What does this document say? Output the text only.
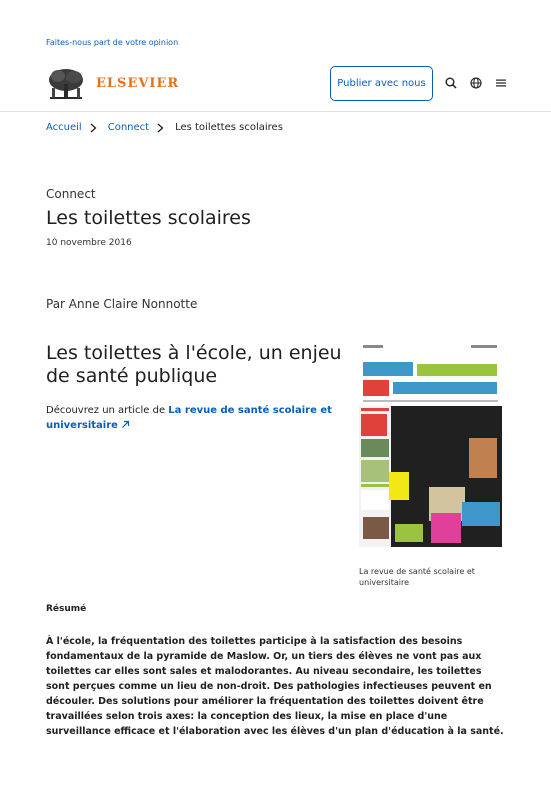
Faites-nous part de votre opinion
ELSEVIER	Publier avec nous
Accueil	Connect	Les toilettes scolaires
Connect
Les toilettes scolaires
10 novembre 2016
Par Anne Claire Nonnotte
Les toilettes à l'école, un enjeu de santé publique
Découvrez un article de La revue de santé scolaire et universitaire
La revue de santé scolaire et universitaire
Résumé

À l'école, la fréquentation des toilettes participe à la satisfaction des besoins fondamentaux de la pyramide de Maslow. Or, un tiers des élèves ne vont pas aux toilettes car elles sont sales et malodorantes. Au niveau secondaire, les toilettes sont perçues comme un lieu de non-droit. Des pathologies infectieuses peuvent en découler. Des solutions pour améliorer la fréquentation des toilettes doivent être travaillées selon trois axes: la conception des lieux, la mise en place d'une surveillance efficace et l'élaboration avec les élèves d'un plan d'éducation à la santé.
